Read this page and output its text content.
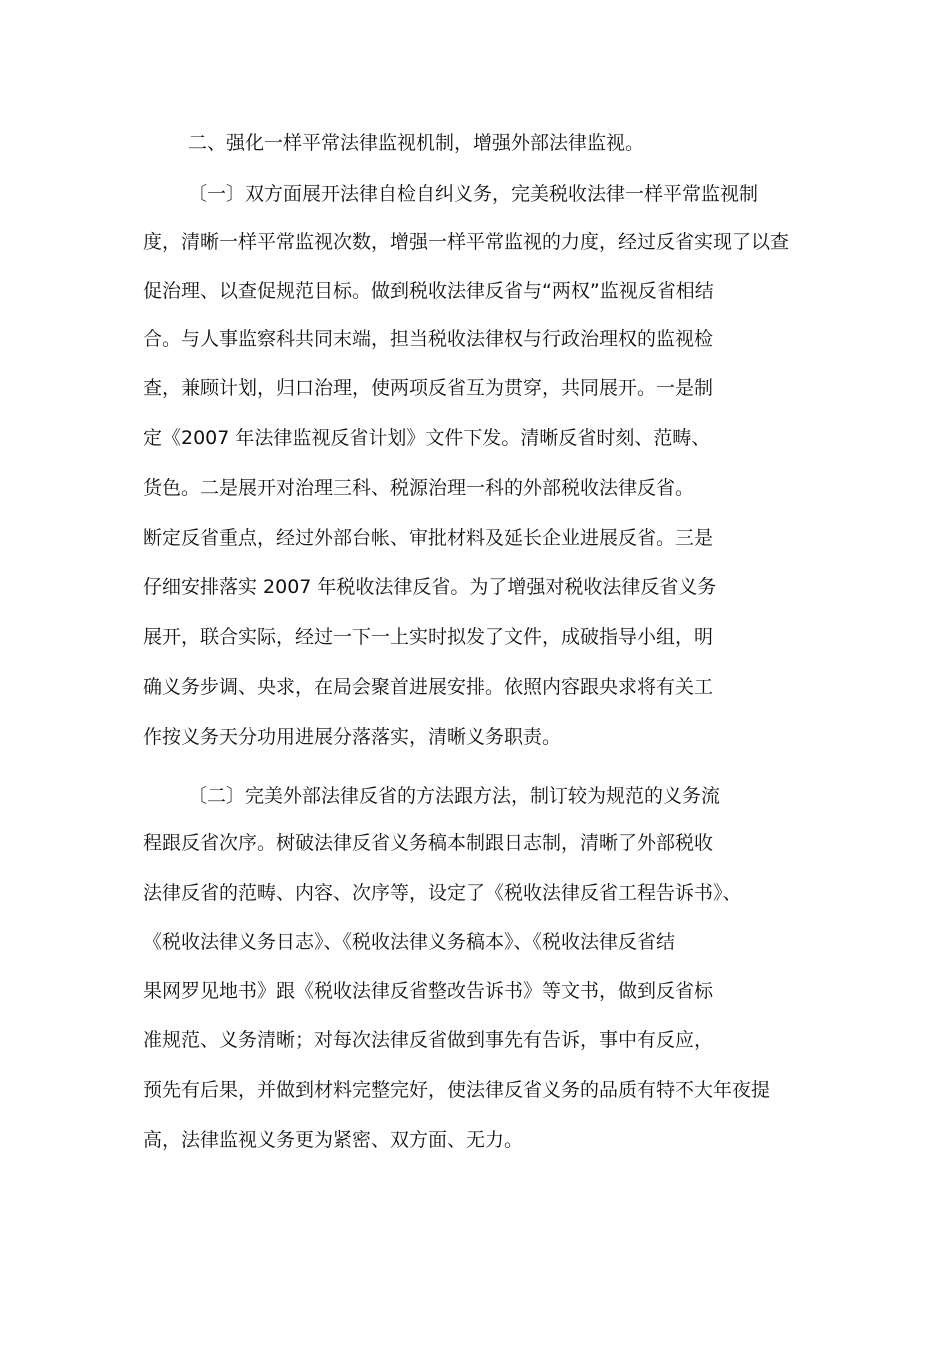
二、强化一样平常法律监视机制，增强外部法律监视。
〔一〕双方面展开法律自检自纠义务，完美税收法律一样平常监视制
度，清晰一样平常监视次数，增强一样平常监视的力度，经过反省实现了以查
促治理、以查促规范目标。做到税收法律反省与“两权”监视反省相结
合。与人事监察科共同末端，担当税收法律权与行政治理权的监视检
查，兼顾计划，归口治理，使两项反省互为贯穿，共同展开。一是制
定《2007 年法律监视反省计划》文件下发。清晰反省时刻、范畴、
货色。二是展开对治理三科、税源治理一科的外部税收法律反省。
断定反省重点，经过外部台帐、审批材料及延长企业进展反省。三是
仔细安排落实 2007 年税收法律反省。为了增强对税收法律反省义务
展开，联合实际，经过一下一上实时拟发了文件，成破指导小组，明
确义务步调、央求，在局会聚首进展安排。依照内容跟央求将有关工
作按义务天分功用进展分落落实，清晰义务职责。
〔二〕完美外部法律反省的方法跟方法，制订较为规范的义务流
程跟反省次序。树破法律反省义务稿本制跟日志制，清晰了外部税收
法律反省的范畴、内容、次序等，设定了《税收法律反省工程告诉书》、
《税收法律义务日志》、《税收法律义务稿本》、《税收法律反省结
果网罗见地书》跟《税收法律反省整改告诉书》等文书，做到反省标
准规范、义务清晰；对每次法律反省做到事先有告诉，事中有反应，
预先有后果，并做到材料完整完好，使法律反省义务的品质有特不大年夜提
高，法律监视义务更为紧密、双方面、无力。
